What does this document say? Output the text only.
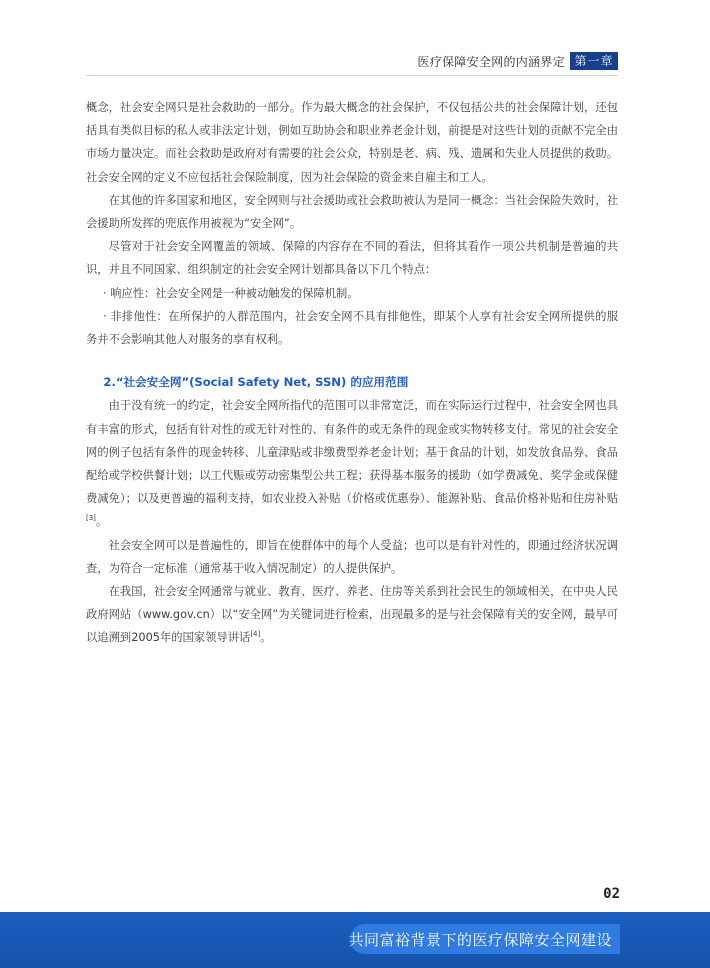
医疗保障安全网的内涵界定 第一章

概念，社会安全网只是社会救助的一部分。作为最大概念的社会保护，不仅包括公共的社会保障计划，还包括具有类似目标的私人或非法定计划，例如互助协会和职业养老金计划，前提是对这些计划的贡献不完全由市场力量决定。而社会救助是政府对有需要的社会公众，特别是老、病、残、遗属和失业人员提供的救助。社会安全网的定义不应包括社会保险制度，因为社会保险的资金来自雇主和工人。

在其他的许多国家和地区，安全网则与社会援助或社会救助被认为是同一概念：当社会保险失效时，社会援助所发挥的兜底作用被视为“安全网”。

尽管对于社会安全网覆盖的领域、保障的内容存在不同的看法，但将其看作一项公共机制是普遍的共识，并且不同国家、组织制定的社会安全网计划都具备以下几个特点：

· 响应性：社会安全网是一种被动触发的保障机制。

· 非排他性：在所保护的人群范围内，社会安全网不具有排他性，即某个人享有社会安全网所提供的服务并不会影响其他人对服务的享有权利。

2.“社会安全网”(Social Safety Net, SSN) 的应用范围

由于没有统一的约定，社会安全网所指代的范围可以非常宽泛，而在实际运行过程中，社会安全网也具有丰富的形式，包括有针对性的或无针对性的、有条件的或无条件的现金或实物转移支付。常见的社会安全网的例子包括有条件的现金转移、儿童津贴或非缴费型养老金计划；基于食品的计划，如发放食品券、食品配给或学校供餐计划；以工代赈或劳动密集型公共工程；获得基本服务的援助（如学费减免、奖学金或保健费减免）；以及更普遍的福利支持，如农业投入补贴（价格或优惠券）、能源补贴、食品价格补贴和住房补贴[3]。

社会安全网可以是普遍性的，即旨在使群体中的每个人受益；也可以是有针对性的，即通过经济状况调查，为符合一定标准（通常基于收入情况制定）的人提供保护。

在我国，社会安全网通常与就业、教育、医疗、养老、住房等关系到社会民生的领域相关，在中央人民政府网站（www.gov.cn）以“安全网”为关键词进行检索，出现最多的是与社会保障有关的安全网，最早可以追溯到2005年的国家领导讲话[4]。

02
共同富裕背景下的医疗保障安全网建设
